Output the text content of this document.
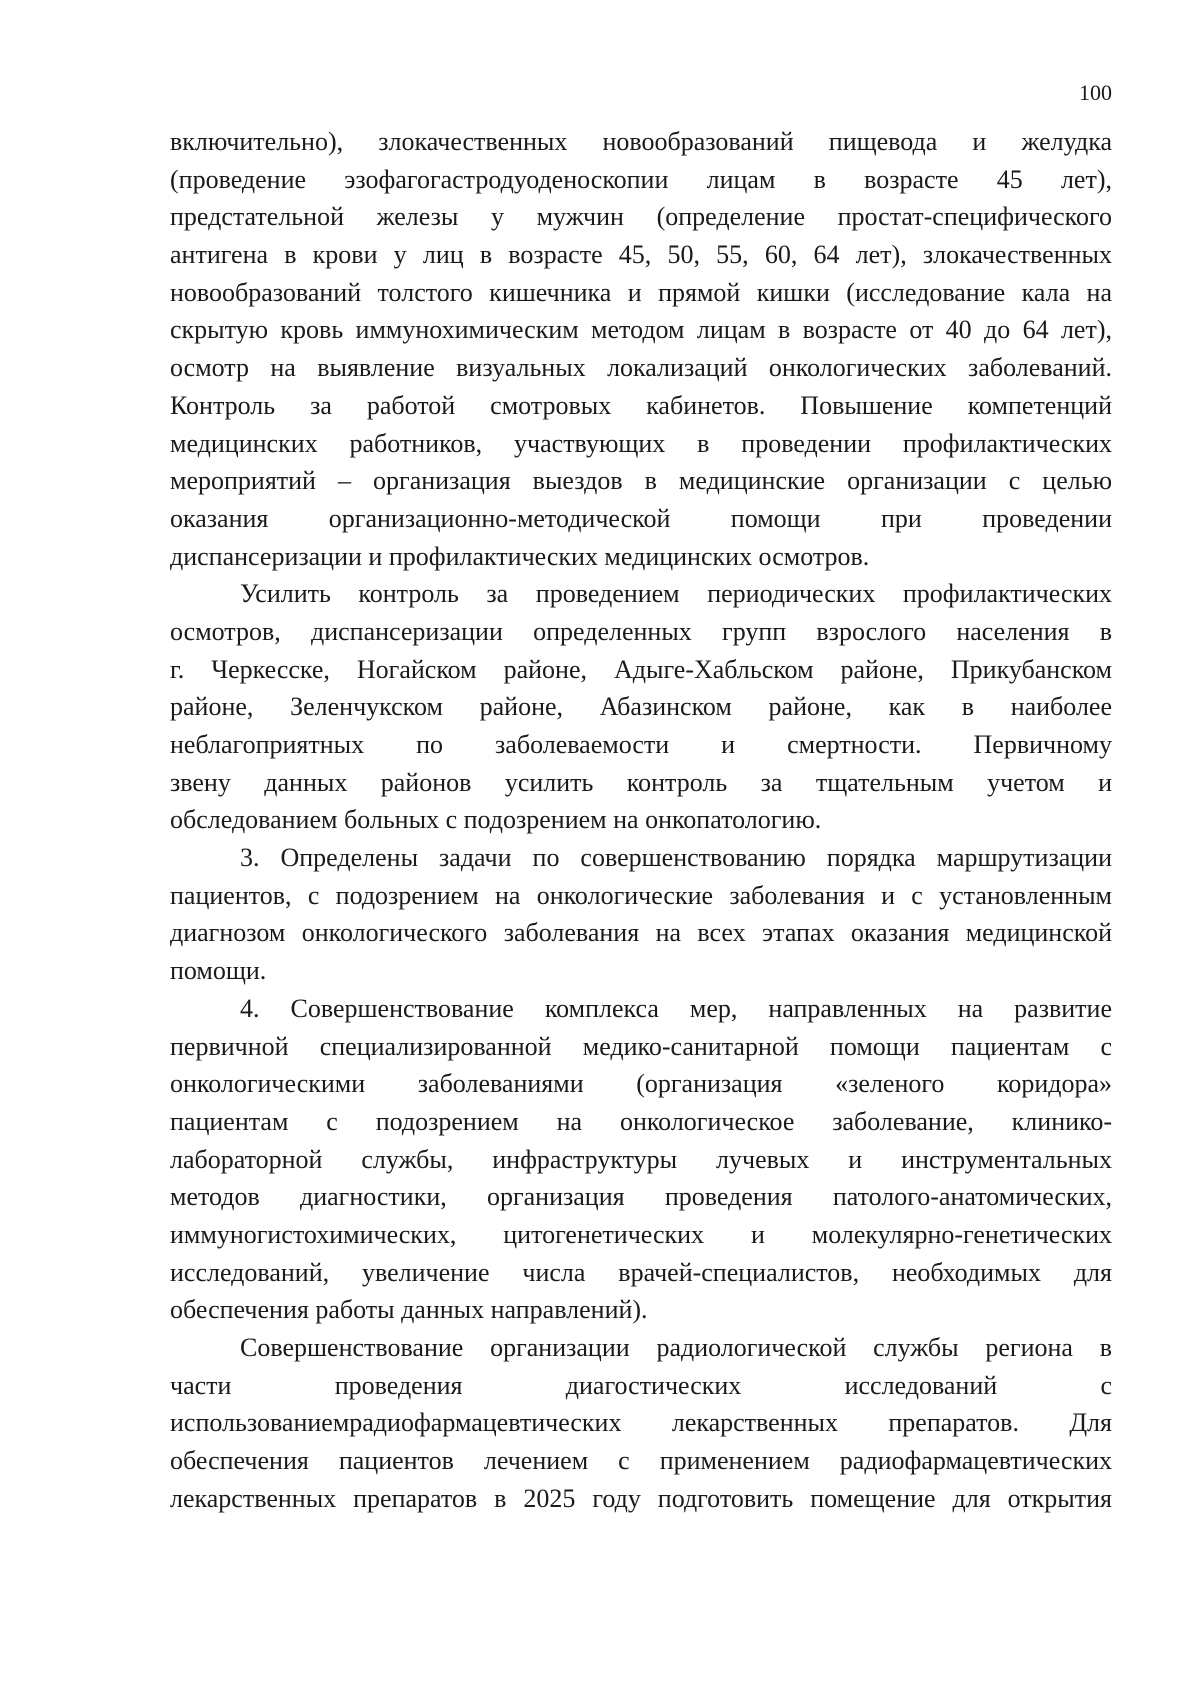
100
включительно), злокачественных новообразований пищевода и желудка
(проведение эзофагогастродуоденоскопии лицам в возрасте 45 лет),
предстательной железы у мужчин (определение простат-специфического
антигена в крови у лиц в возрасте 45, 50, 55, 60, 64 лет), злокачественных
новообразований толстого кишечника и прямой кишки (исследование кала на
скрытую кровь иммунохимическим методом лицам в возрасте от 40 до 64 лет),
осмотр на выявление визуальных локализаций онкологических заболеваний.
Контроль за работой смотровых кабинетов. Повышение компетенций
медицинских работников, участвующих в проведении профилактических
мероприятий – организация выездов в медицинские организации с целью
оказания организационно-методической помощи при проведении
диспансеризации и профилактических медицинских осмотров.
Усилить контроль за проведением периодических профилактических
осмотров, диспансеризации определенных групп взрослого населения в
г. Черкесске, Ногайском районе, Адыге-Хабльском районе, Прикубанском
районе, Зеленчукском районе, Абазинском районе, как в наиболее
неблагоприятных по заболеваемости и смертности. Первичному
звену данных районов усилить контроль за тщательным учетом и
обследованием больных с подозрением на онкопатологию.
3. Определены задачи по совершенствованию порядка маршрутизации
пациентов, с подозрением на онкологические заболевания и с установленным
диагнозом онкологического заболевания на всех этапах оказания медицинской
помощи.
4. Совершенствование комплекса мер, направленных на развитие
первичной специализированной медико-санитарной помощи пациентам с
онкологическими заболеваниями (организация «зеленого коридора»
пациентам с подозрением на онкологическое заболевание, клинико-
лабораторной службы, инфраструктуры лучевых и инструментальных
методов диагностики, организация проведения патолого-анатомических,
иммуногистохимических, цитогенетических и молекулярно-генетических
исследований, увеличение числа врачей-специалистов, необходимых для
обеспечения работы данных направлений).
Совершенствование организации радиологической службы региона в
части проведения диагостических исследований с
использованиемрадиофармацевтических лекарственных препаратов. Для
обеспечения пациентов лечением с применением радиофармацевтических
лекарственных препаратов в 2025 году подготовить помещение для открытия
